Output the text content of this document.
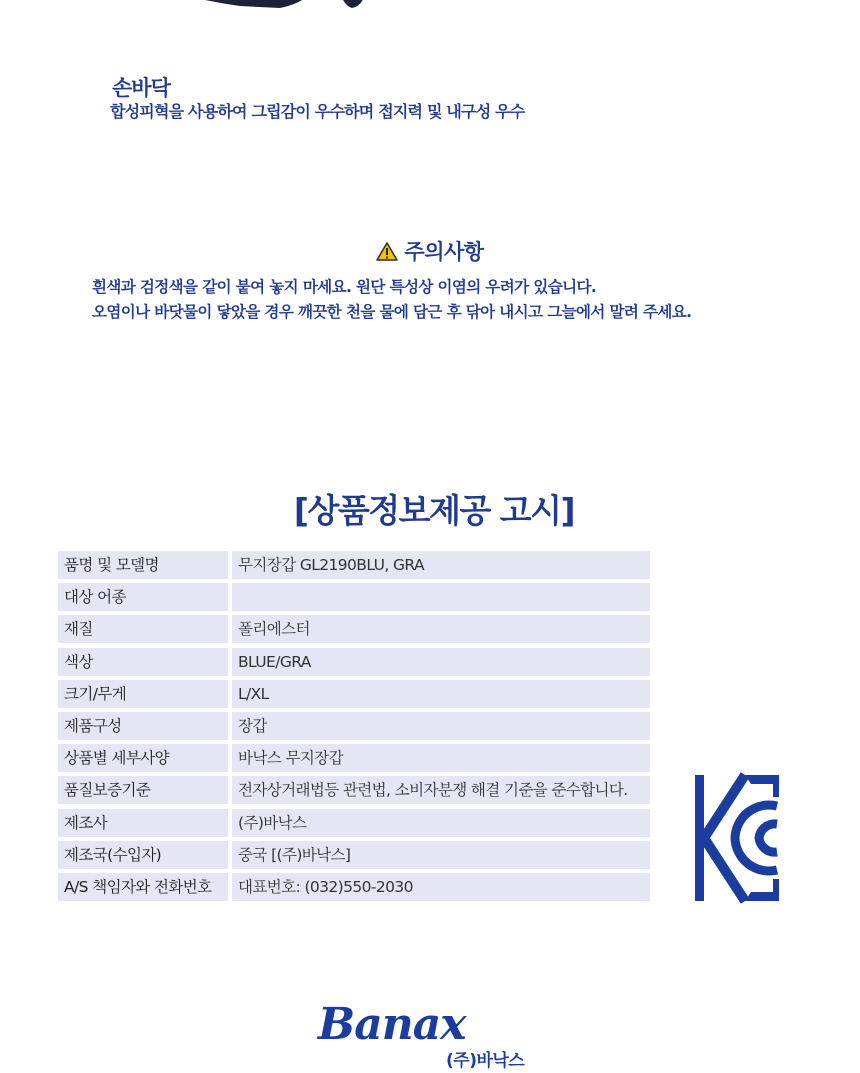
손바닥
합성피혁을 사용하여 그립감이 우수하며 접지력 및 내구성 우수
주의사항
흰색과 검정색을 같이 붙여 놓지 마세요. 원단 특성상 이염의 우려가 있습니다.
오염이나 바닷물이 닿았을 경우 깨끗한 천을 물에 담근 후 닦아 내시고 그늘에서 말려 주세요.
[상품정보제공 고시]
품명 및 모델명	무지장갑 GL2190BLU, GRA
대상 어종
재질	폴리에스터
색상	BLUE/GRA
크기/무게	L/XL
제품구성	장갑
상품별 세부사양	바낙스 무지장갑
품질보증기준	전자상거래법등 관련법, 소비자분쟁 해결 기준을 준수합니다.
제조사	(주)바낙스
제조국(수입자)	중국 [(주)바낙스]
A/S 책임자와 전화번호	대표번호: (032)550-2030
Banax
(주)바낙스
